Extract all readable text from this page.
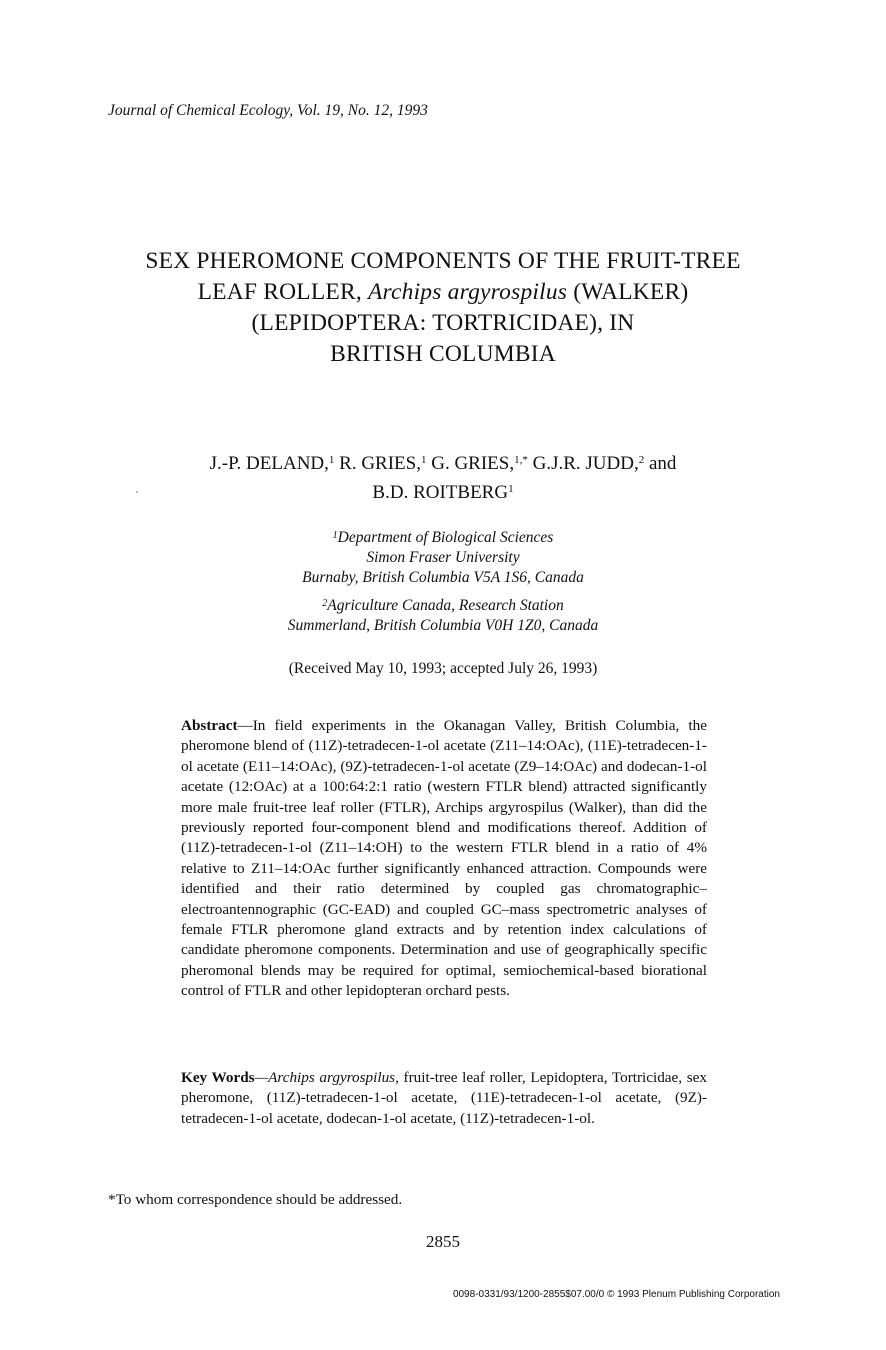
Journal of Chemical Ecology, Vol. 19, No. 12, 1993
SEX PHEROMONE COMPONENTS OF THE FRUIT-TREE
LEAF ROLLER, Archips argyrospilus (WALKER)
(LEPIDOPTERA: TORTRICIDAE), IN
BRITISH COLUMBIA
J.-P. DELAND,$^1$ R. GRIES,$^1$ G. GRIES,$^{1,*}$ G.J.R. JUDD,$^2$ and
B.D. ROITBERG$^1$
$^1$Department of Biological Sciences
Simon Fraser University
Burnaby, British Columbia V5A 1S6, Canada
$^2$Agriculture Canada, Research Station
Summerland, British Columbia V0H 1Z0, Canada
(Received May 10, 1993; accepted July 26, 1993)
Abstract—In field experiments in the Okanagan Valley, British Columbia, the pheromone blend of (11Z)-tetradecen-1-ol acetate (Z11–14:OAc), (11E)-tetradecen-1-ol acetate (E11–14:OAc), (9Z)-tetradecen-1-ol acetate (Z9–14:OAc) and dodecan-1-ol acetate (12:OAc) at a 100:64:2:1 ratio (western FTLR blend) attracted significantly more male fruit-tree leaf roller (FTLR), Archips argyrospilus (Walker), than did the previously reported four-component blend and modifications thereof. Addition of (11Z)-tetradecen-1-ol (Z11–14:OH) to the western FTLR blend in a ratio of 4% relative to Z11–14:OAc further significantly enhanced attraction. Compounds were identified and their ratio determined by coupled gas chromatographic–electroantennographic (GC-EAD) and coupled GC–mass spectrometric analyses of female FTLR pheromone gland extracts and by retention index calculations of candidate pheromone components. Determination and use of geographically specific pheromonal blends may be required for optimal, semiochemical-based biorational control of FTLR and other lepidopteran orchard pests.
Key Words—Archips argyrospilus, fruit-tree leaf roller, Lepidoptera, Tortricidae, sex pheromone, (11Z)-tetradecen-1-ol acetate, (11E)-tetradecen-1-ol acetate, (9Z)-tetradecen-1-ol acetate, dodecan-1-ol acetate, (11Z)-tetradecen-1-ol.
*To whom correspondence should be addressed.
2855
0098-0331/93/1200-2855$07.00/0 © 1993 Plenum Publishing Corporation
